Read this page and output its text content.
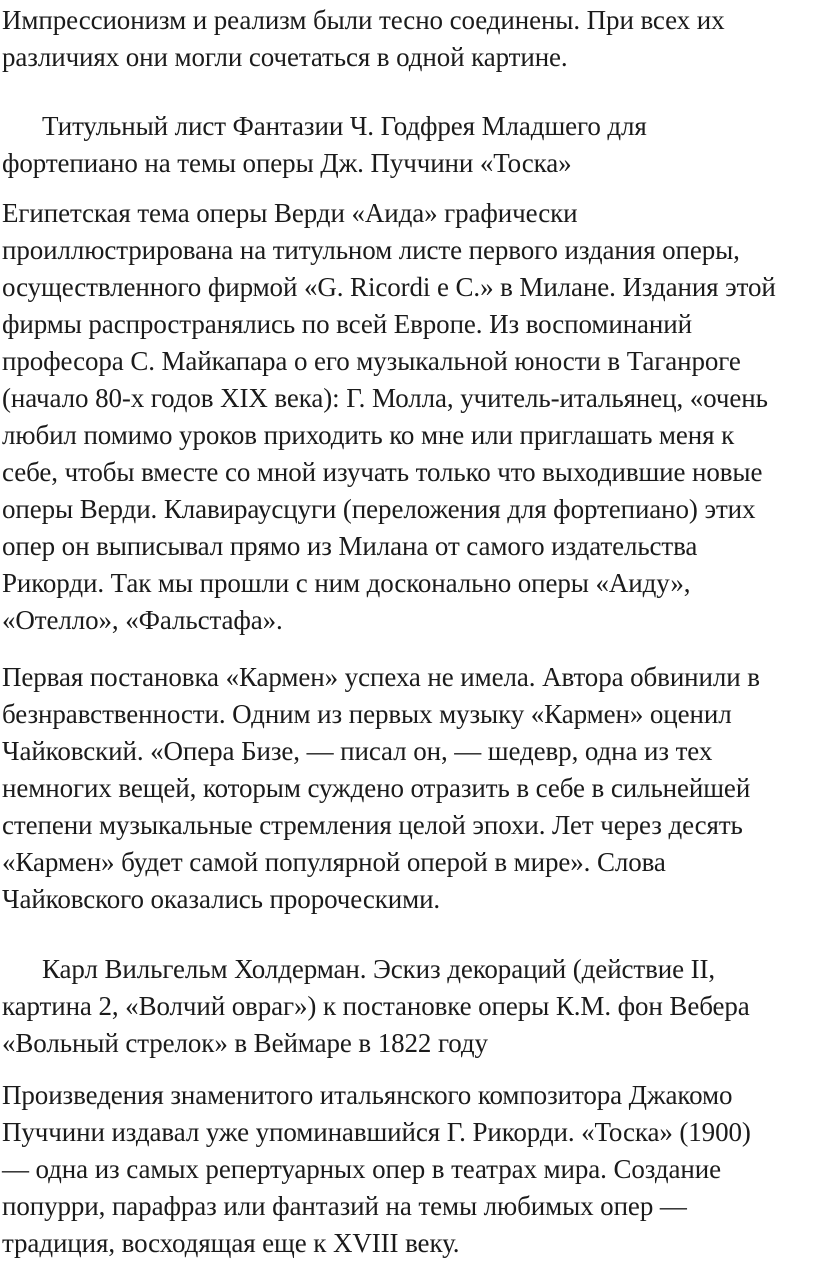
Импрессионизм и реализм были тесно соединены. При всех их
различиях они могли сочетаться в одной картине.

Титульный лист Фантазии Ч. Годфрея Младшего для
фортепиано на темы оперы Дж. Пуччини «Тоска»

Египетская тема оперы Верди «Аида» графически
проиллюстрирована на титульном листе первого издания оперы,
осуществленного фирмой «G. Ricordi e C.» в Милане. Издания этой
фирмы распространялись по всей Европе. Из воспоминаний
професора С. Майкапара о его музыкальной юности в Таганроге
(начало 80-х годов XIX века): Г. Молла, учитель-итальянец, «очень
любил помимо уроков приходить ко мне или приглашать меня к
себе, чтобы вместе со мной изучать только что выходившие новые
оперы Верди. Клавираусцуги (переложения для фортепиано) этих
опер он выписывал прямо из Милана от самого издательства
Рикорди. Так мы прошли с ним досконально оперы «Аиду»,
«Отелло», «Фальстафа».

Первая постановка «Кармен» успеха не имела. Автора обвинили в
безнравственности. Одним из первых музыку «Кармен» оценил
Чайковский. «Опера Бизе, — писал он, — шедевр, одна из тех
немногих вещей, которым суждено отразить в себе в сильнейшей
степени музыкальные стремления целой эпохи. Лет через десять
«Кармен» будет самой популярной оперой в мире». Слова
Чайковского оказались пророческими.

Карл Вильгельм Холдерман. Эскиз декораций (действие II,
картина 2, «Волчий овраг») к постановке оперы К.М. фон Вебера
«Вольный стрелок» в Веймаре в 1822 году

Произведения знаменитого итальянского композитора Джакомо
Пуччини издавал уже упоминавшийся Г. Рикорди. «Тоска» (1900)
— одна из самых репертуарных опер в театрах мира. Создание
попурри, парафраз или фантазий на темы любимых опер —
традиция, восходящая еще к XVIII веку.
